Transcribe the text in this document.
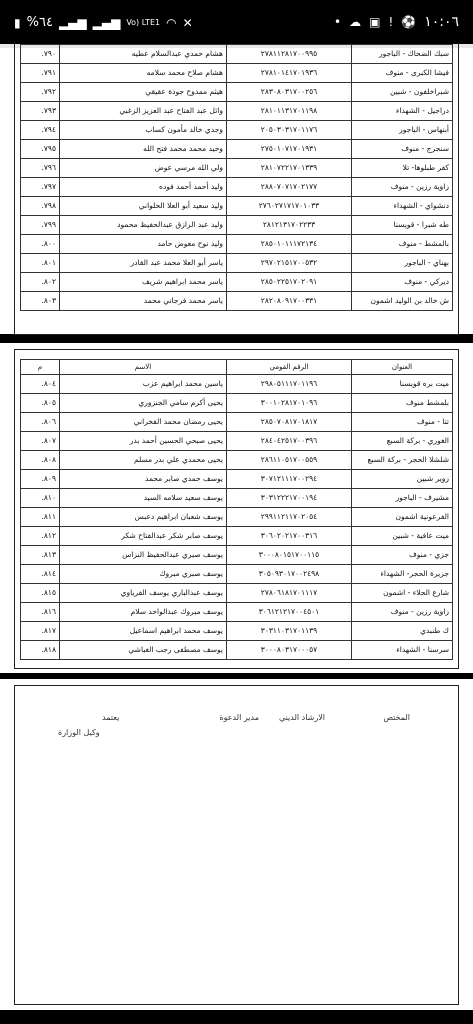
▮ %٦٤ ▂▄▆ ▂▄▆ Vo) LTE1 ◠ ✕	• ☁ ▣ ! ⚽ ١٠:٠٦
٧٩٠.	هشام حمدي عبدالسلام عطيه	٢٧٨١١٢٨١٧٠٠٩٩٥	سبك الضحاك - الباجور
٧٩١.	هشام صلاح محمد سلامه	٢٧٨١٠١٤١٧٠١٩٣٦	فيشا الكبرى - منوف
٧٩٢.	هيثم ممدوح جودة عقيقي	٢٨٣٠٨٠٣١٧٠٠٢٥٦	شبراخلفون - شبين
٧٩٣.	وائل عبد الفتاح عبد العزيز الزغبي	٢٨١٠١١٣١٧٠١١٩٨	دراجيل - الشهداء
٧٩٤.	وجدي خالد مأمون كساب	٢٠٥٠٣٠٣١٧٠١١٧٦	أبنهاس - الباجور
٧٩٥.	وحيد محمد محمد فتح الله	٢٧٥٠١٠٧١٧٠١٩٣١	سنجرج - منوف
٧٩٦.	ولي الله مرسي عوض	٢٨١٠٧٢٢١٧٠١٣٣٩	كفر طبلوها- تلا
٧٩٧.	وليد أحمد أحمد فوده	٢٨٨٠٧٠٧١٧٠٢١٧٧	زاوية رزين - منوف
٧٩٨.	وليد سعيد أبو العلا الحلواني	٢٧٦٠٢٧١٧١٧٠١٠٣٣	دنشواي - الشهداء
٧٩٩.	وليد عبد الرازق عبدالحفيظ محمود	٢٨١٢١٣١٧٠٢٢٣٣	طه شبرا - قويسنا
٨٠٠.	وليد نوح معوض حامد	٢٨٥٠١٠١١١٧٢١٣٤	بالمشط - منوف
٨٠١.	ياسر أبو العلا محمد عبد القادر	٢٩٧٠٢١٥١٧٠٠٥٣٢	بهناي - الباجور
٨٠٢.	ياسر محمد ابراهيم شريف	٢٨٥٠٢٢٥١٧٠٢٠٩١	ديركي - منوف
٨٠٣.	ياسر محمد فرجاني محمد	٢٨٢٠٨٠٩١٧٠٠٣٣١	ش خالد بن الوليد اشمون
م	الاسم	الرقم القومي	العنوان
٨٠٤.	ياسين محمد ابراهيم عزب	٢٩٨٠٥١١١٧٠١١٩٦	ميت بره قويسنا
٨٠٥.	يحيى أكرم سامي الجنزوري	٣٠٠١٠٢٨١٧٠١٠٩٦	بلمشط منوف
٨٠٦.	يحيى رمضان محمد الفخراني	٢٨٥٠٧٠٨١٧٠١٨١٧	تتا - منوف
٨٠٧.	يحيى صبحي الحسين أحمد بدر	٢٨٤٠٤٢٥١٧٠٠٣٩٦	الغوري - بركة السبع
٨٠٨.	يحيى محمدي علي بدر مسلم	٢٨٦١١٠٥١٧٠٠٥٥٩	شلشلا الحجر - بركة السبع
٨٠٩.	يوسف حمدي صابر محمد	٣٠٧١٢١١١٧٠٠٢٩٤	زوير شبين
٨١٠.	يوسف سعيد سلامه السيد	٣٠٣١٢٢٢١٧٠٠١٩٤	مشيرف - الباجور
٨١١.	يوسف شعبان ابراهيم دعبس	٢٩٩١١٢١١٧٠٢٠٥٤	الفرعونية اشمون
٨١٢.	يوسف صابر شكر عبدالفتاح شكر	٣٠٦٠٢٠٢١٧٠٠٣١٦	ميت عافية - شبين
٨١٣.	يوسف صبري عبدالحفيظ النزاس	٣٠٠٠٨٠١٥١٧٠٠١١٥	جزي - منوف
٨١٤.	يوسف صبري مبروك	٣٠٥٠٩٣٠١٧٠٠٢٤٩٨	جزيرة الحجر- الشهداء
٨١٥.	يوسف عبدالباري يوسف الفرياوي	٢٧٨٠٦١٨١٧٠١١١٧	شارع الجلاء - اشمون
٨١٦.	يوسف مبروك عبدالواحد سلام	٣٠٦١٢١٢١٧٠٠٤٥٠١	زاوية رزين - منوف
٨١٧.	يوسف محمد ابراهيم اسماعيل	٣٠٣١١٠٣١٧٠١١٣٩	ك طنبدي
٨١٨.	يوسف مصطفى رجب الغباشي	٣٠٠٠٨٠٣١٧٠٠٠٥٧	سرسنا - الشهداء
المختص
الارشاد الديني
مدير الدعوة
يعتمد
وكيل الوزارة
